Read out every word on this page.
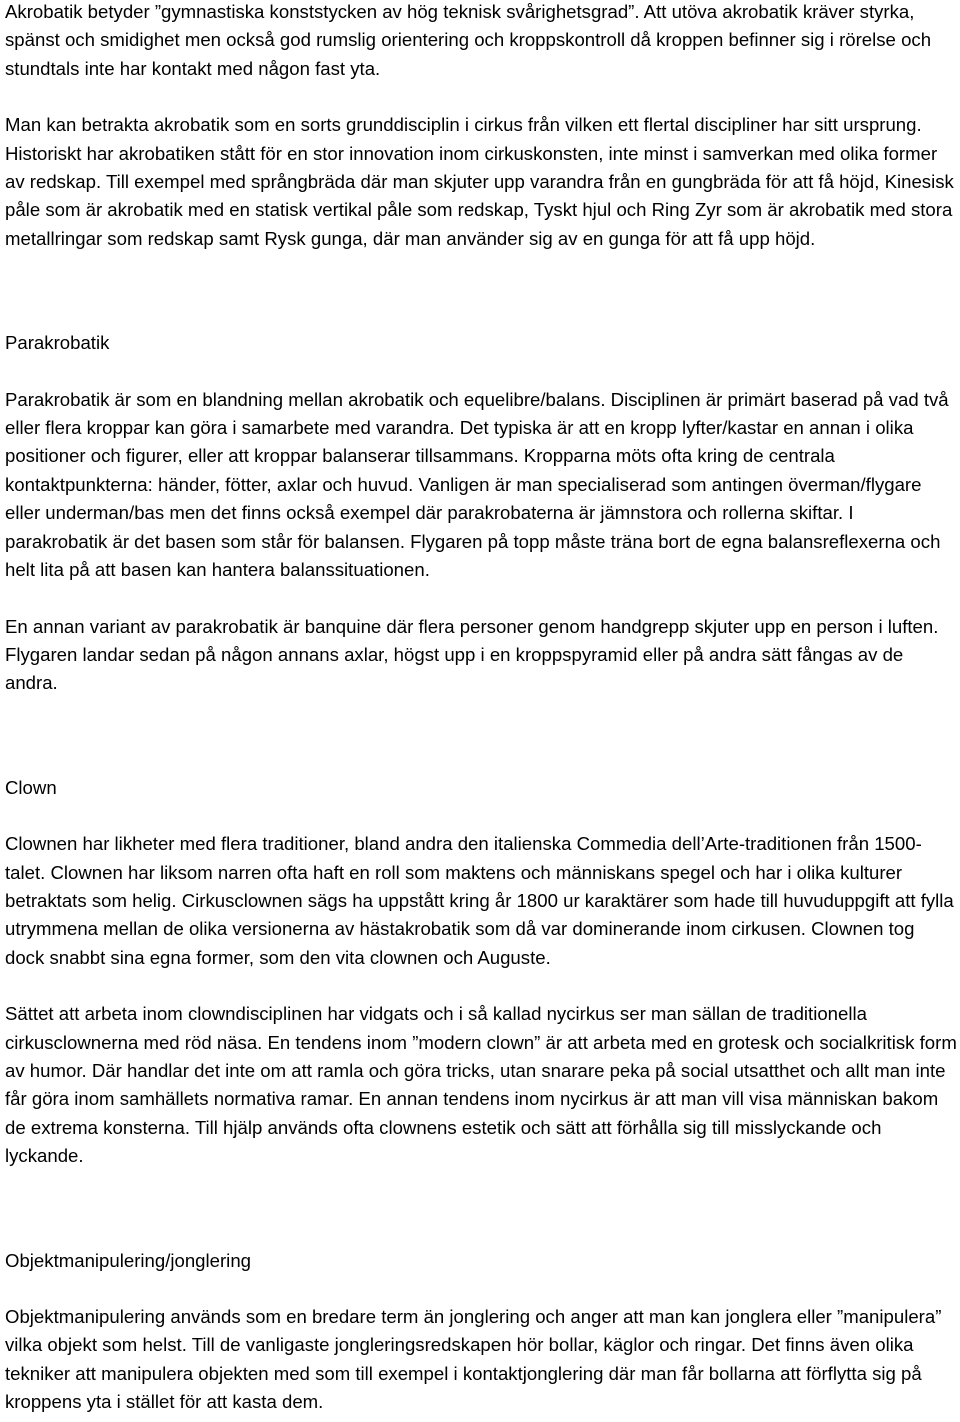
Akrobatik betyder ”gymnastiska konststycken av hög teknisk svårighetsgrad”. Att utöva akrobatik kräver styrka, spänst och smidighet men också god rumslig orientering och kroppskontroll då kroppen befinner sig i rörelse och stundtals inte har kontakt med någon fast yta.

Man kan betrakta akrobatik som en sorts grunddisciplin i cirkus från vilken ett flertal discipliner har sitt ursprung. Historiskt har akrobatiken stått för en stor innovation inom cirkuskonsten, inte minst i samverkan med olika former av redskap. Till exempel med språngbräda där man skjuter upp varandra från en gungbräda för att få höjd, Kinesisk påle som är akrobatik med en statisk vertikal påle som redskap, Tyskt hjul och Ring Zyr som är akrobatik med stora metallringar som redskap samt Rysk gunga, där man använder sig av en gunga för att få upp höjd.

Parakrobatik

Parakrobatik är som en blandning mellan akrobatik och equelibre/balans. Disciplinen är primärt baserad på vad två eller flera kroppar kan göra i samarbete med varandra. Det typiska är att en kropp lyfter/kastar en annan i olika positioner och figurer, eller att kroppar balanserar tillsammans. Kropparna möts ofta kring de centrala kontaktpunkterna: händer, fötter, axlar och huvud. Vanligen är man specialiserad som antingen överman/flygare eller underman/bas men det finns också exempel där parakrobaterna är jämnstora och rollerna skiftar. I parakrobatik är det basen som står för balansen. Flygaren på topp måste träna bort de egna balansreflexerna och helt lita på att basen kan hantera balanssituationen.

En annan variant av parakrobatik är banquine där flera personer genom handgrepp skjuter upp en person i luften. Flygaren landar sedan på någon annans axlar, högst upp i en kroppspyramid eller på andra sätt fångas av de andra.

Clown

Clownen har likheter med flera traditioner, bland andra den italienska Commedia dell’Arte-traditionen från 1500-talet. Clownen har liksom narren ofta haft en roll som maktens och människans spegel och har i olika kulturer betraktats som helig. Cirkusclownen sägs ha uppstått kring år 1800 ur karaktärer som hade till huvuduppgift att fylla utrymmena mellan de olika versionerna av hästakrobatik som då var dominerande inom cirkusen. Clownen tog dock snabbt sina egna former, som den vita clownen och Auguste.

Sättet att arbeta inom clowndisciplinen har vidgats och i så kallad nycirkus ser man sällan de traditionella cirkusclownerna med röd näsa. En tendens inom ”modern clown” är att arbeta med en grotesk och socialkritisk form av humor. Där handlar det inte om att ramla och göra tricks, utan snarare peka på social utsatthet och allt man inte får göra inom samhällets normativa ramar. En annan tendens inom nycirkus är att man vill visa människan bakom de extrema konsterna. Till hjälp används ofta clownens estetik och sätt att förhålla sig till misslyckande och lyckande.

Objektmanipulering/jonglering

Objektmanipulering används som en bredare term än jonglering och anger att man kan jonglera eller ”manipulera” vilka objekt som helst. Till de vanligaste jongleringsredskapen hör bollar, käglor och ringar. Det finns även olika tekniker att manipulera objekten med som till exempel i kontaktjonglering där man får bollarna att förflytta sig på kroppens yta i stället för att kasta dem.
